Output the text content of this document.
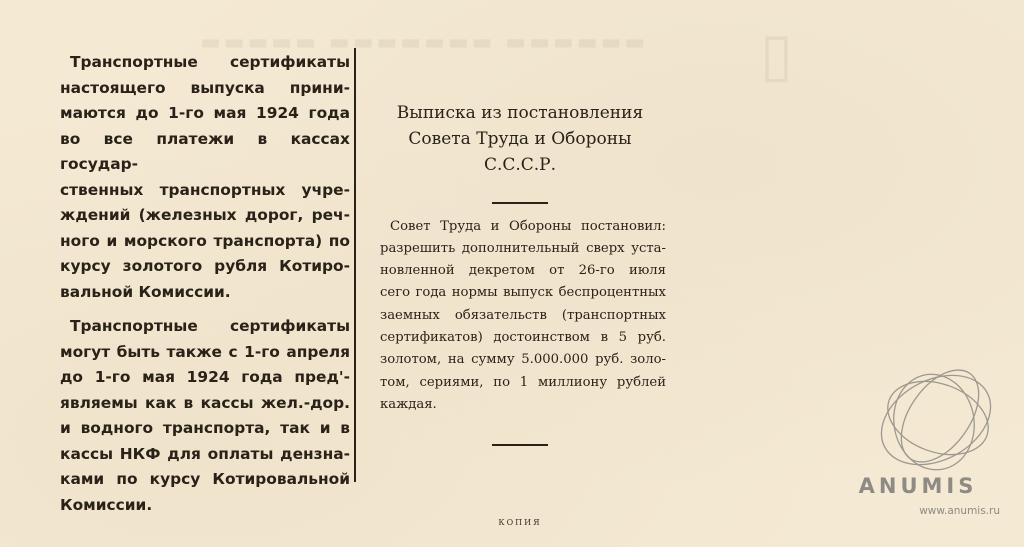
▬▬▬▬▬ ▬▬▬▬▬▬▬ ▬▬▬▬▬▬ ▯

Транспортные сертификаты
настоящего выпуска прини-
маются до 1-го мая 1924 года
во все платежи в кассах государ-
ственных транспортных учре-
ждений (железных дорог, реч-
ного и морского транспорта) по
курсу золотого рубля Котиро-
вальной Комиссии.

Транспортные сертификаты
могут быть также с 1-го апреля
до 1-го мая 1924 года пред'-
являемы как в кассы жел.-дор.
и водного транспорта, так и в
кассы НКФ для оплаты дензна-
ками по курсу Котировальной
Комиссии.

Выписка из постановления
Совета Труда и Обороны С.С.С.Р.
Совет Труда и Обороны постановил:
разрешить дополнительный сверх уста-
новленной декретом от 26-го июля
сего года нормы выпуск беспроцентных
заемных обязательств (транспортных
сертификатов) достоинством в 5 руб.
золотом, на сумму 5.000.000 руб. золо-
том, сериями, по 1 миллиону рублей
каждая.
КОПИЯ
ANUMIS
www.anumis.ru
